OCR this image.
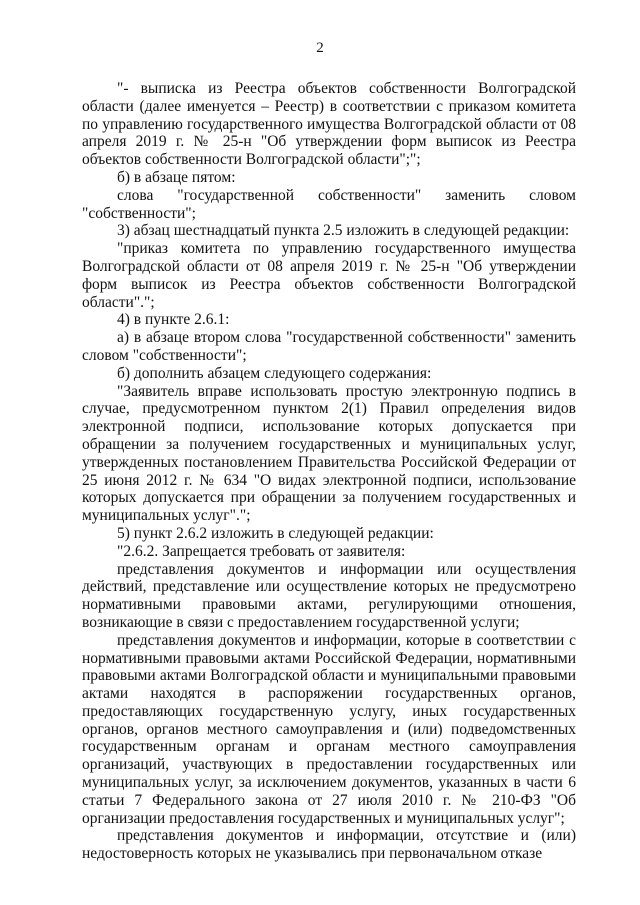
2

"- выписка из Реестра объектов собственности Волгоградской области (далее именуется – Реестр) в соответствии с приказом комитета по управлению государственного имущества Волгоградской области от 08 апреля 2019 г. № 25-н "Об утверждении форм выписок из Реестра объектов собственности Волгоградской области";";

б) в абзаце пятом:

слова "государственной собственности" заменить словом "собственности";

3) абзац шестнадцатый пункта 2.5 изложить в следующей редакции:

"приказ комитета по управлению государственного имущества Волгоградской области от 08 апреля 2019 г. № 25-н "Об утверждении форм выписок из Реестра объектов собственности Волгоградской области".";

4) в пункте 2.6.1:

а) в абзаце втором слова "государственной собственности" заменить словом "собственности";

б) дополнить абзацем следующего содержания:

"Заявитель вправе использовать простую электронную подпись в случае, предусмотренном пунктом 2(1) Правил определения видов электронной подписи, использование которых допускается при обращении за получением государственных и муниципальных услуг, утвержденных постановлением Правительства Российской Федерации от 25 июня 2012 г. № 634 "О видах электронной подписи, использование которых допускается при обращении за получением государственных и муниципальных услуг".";

5) пункт 2.6.2 изложить в следующей редакции:

"2.6.2. Запрещается требовать от заявителя:

представления документов и информации или осуществления действий, представление или осуществление которых не предусмотрено нормативными правовыми актами, регулирующими отношения, возникающие в связи с предоставлением государственной услуги;

представления документов и информации, которые в соответствии с нормативными правовыми актами Российской Федерации, нормативными правовыми актами Волгоградской области и муниципальными правовыми актами находятся в распоряжении государственных органов, предоставляющих государственную услугу, иных государственных органов, органов местного самоуправления и (или) подведомственных государственным органам и органам местного самоуправления организаций, участвующих в предоставлении государственных или муниципальных услуг, за исключением документов, указанных в части 6 статьи 7 Федерального закона от 27 июля 2010 г. № 210-ФЗ "Об организации предоставления государственных и муниципальных услуг";

представления документов и информации, отсутствие и (или) недостоверность которых не указывались при первоначальном отказе
